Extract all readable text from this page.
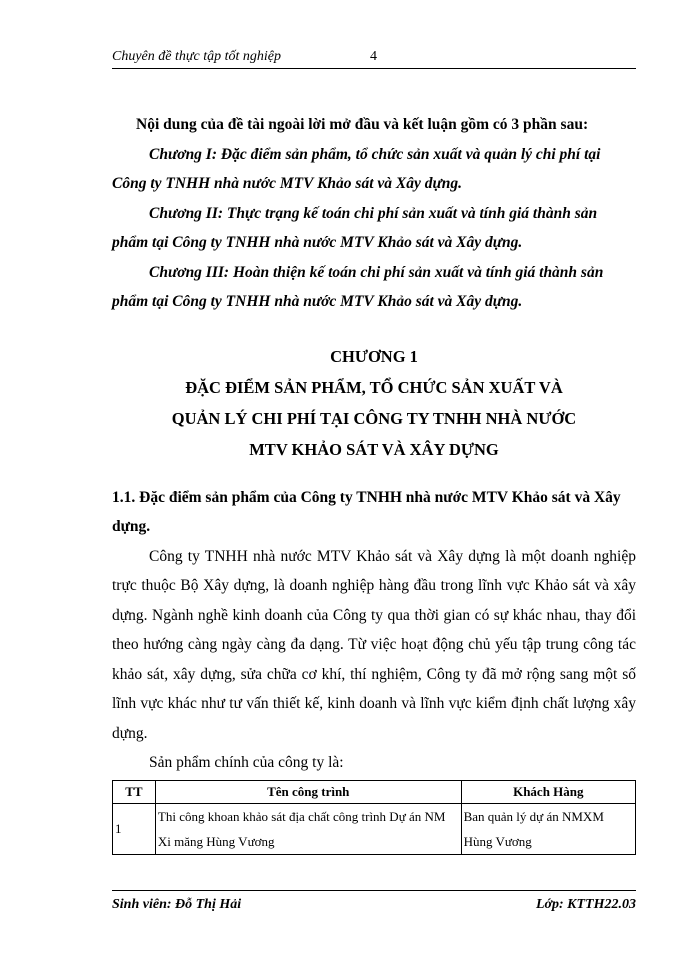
Chuyên đề thực tập tốt nghiệp	4

Nội dung của đề tài ngoài lời mở đầu và kết luận gồm có 3 phần sau:

Chương I: Đặc điểm sản phẩm, tổ chức sản xuất và quản lý chi phí tại Công ty TNHH nhà nước MTV Khảo sát và Xây dựng.

Chương II: Thực trạng kế toán chi phí sản xuất và tính giá thành sản phẩm tại Công ty TNHH nhà nước MTV Khảo sát và Xây dựng.

Chương III: Hoàn thiện kế toán chi phí sản xuất và tính giá thành sản phẩm tại Công ty TNHH nhà nước MTV Khảo sát và Xây dựng.

CHƯƠNG 1
ĐẶC ĐIỂM SẢN PHẨM, TỔ CHỨC SẢN XUẤT VÀ
QUẢN LÝ CHI PHÍ TẠI CÔNG TY TNHH NHÀ NƯỚC
MTV KHẢO SÁT VÀ XÂY DỰNG
1.1. Đặc điểm sản phẩm của Công ty TNHH nhà nước MTV Khảo sát và Xây dựng.

Công ty TNHH nhà nước MTV Khảo sát và Xây dựng là một doanh nghiệp trực thuộc Bộ Xây dựng, là doanh nghiệp hàng đầu trong lĩnh vực Khảo sát và xây dựng. Ngành nghề kinh doanh của Công ty qua thời gian có sự khác nhau, thay đổi theo hướng càng ngày càng đa dạng. Từ việc hoạt động chủ yếu tập trung công tác khảo sát, xây dựng, sửa chữa cơ khí, thí nghiệm, Công ty đã mở rộng sang một số lĩnh vực khác như tư vấn thiết kế, kinh doanh và lĩnh vực kiểm định chất lượng xây dựng.

Sản phẩm chính của công ty là:

TT	Tên công trình	Khách Hàng
1	Thi công khoan khảo sát địa chất công trình Dự án NM Xi măng Hùng Vương	Ban quản lý dự án NMXM Hùng Vương
Sinh viên: Đỗ Thị Hải	Lớp: KTTH22.03
